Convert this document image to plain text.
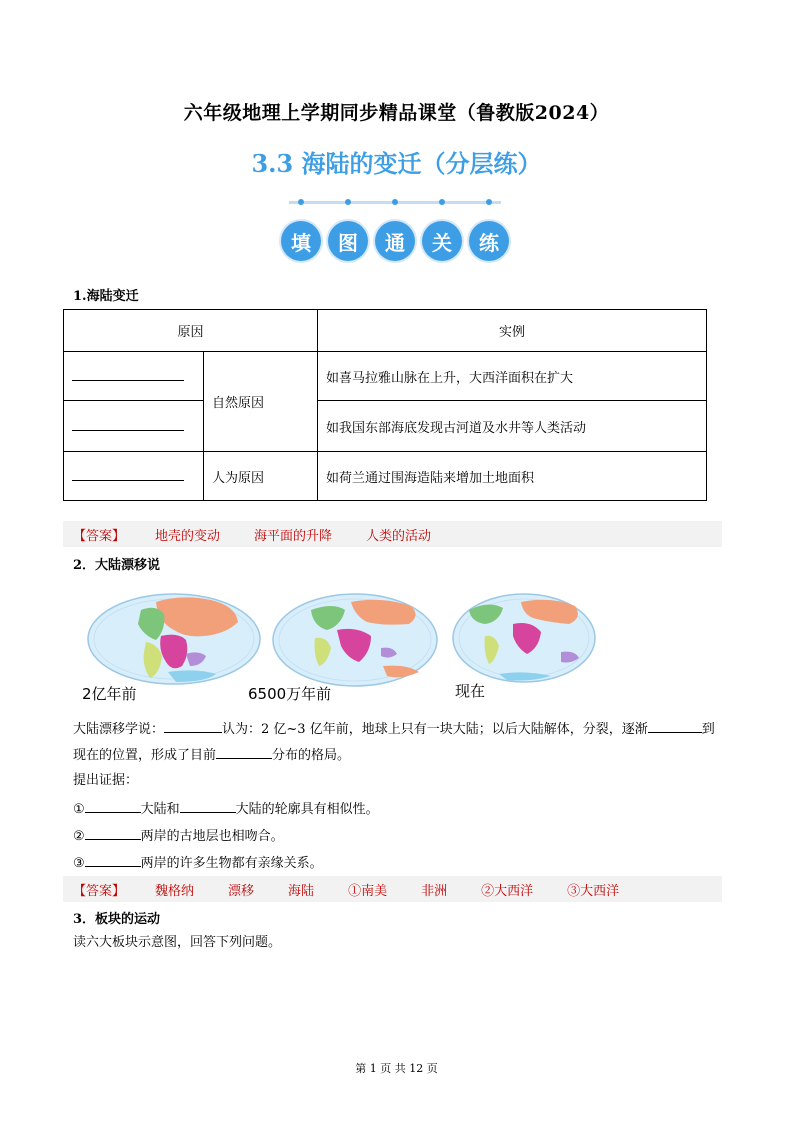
六年级地理上学期同步精品课堂（鲁教版2024）
3.3 海陆的变迁（分层练）
填	图	通	关	练
1.海陆变迁
原因		实例
	自然原因	如喜马拉雅山脉在上升，大西洋面积在扩大
		如我国东部海底发现古河道及水井等人类活动
	人为原因	如荷兰通过围海造陆来增加土地面积
【答案】 地壳的变动	海平面的升降	人类的活动
2．大陆漂移说
2亿年前	6500万年前	现在
大陆漂移学说：	认为：2 亿~3 亿年前，地球上只有一块大陆；以后大陆解体，分裂，逐渐	到
现在的位置，形成了目前	分布的格局。
提出证据：
①	大陆和	大陆的轮廓具有相似性。
②	两岸的古地层也相吻合。
③	两岸的许多生物都有亲缘关系。
【答案】 魏格纳	漂移	海陆	①南美	非洲	②大西洋	③大西洋
3．板块的运动
读六大板块示意图，回答下列问题。
第 1 页 共 12 页
